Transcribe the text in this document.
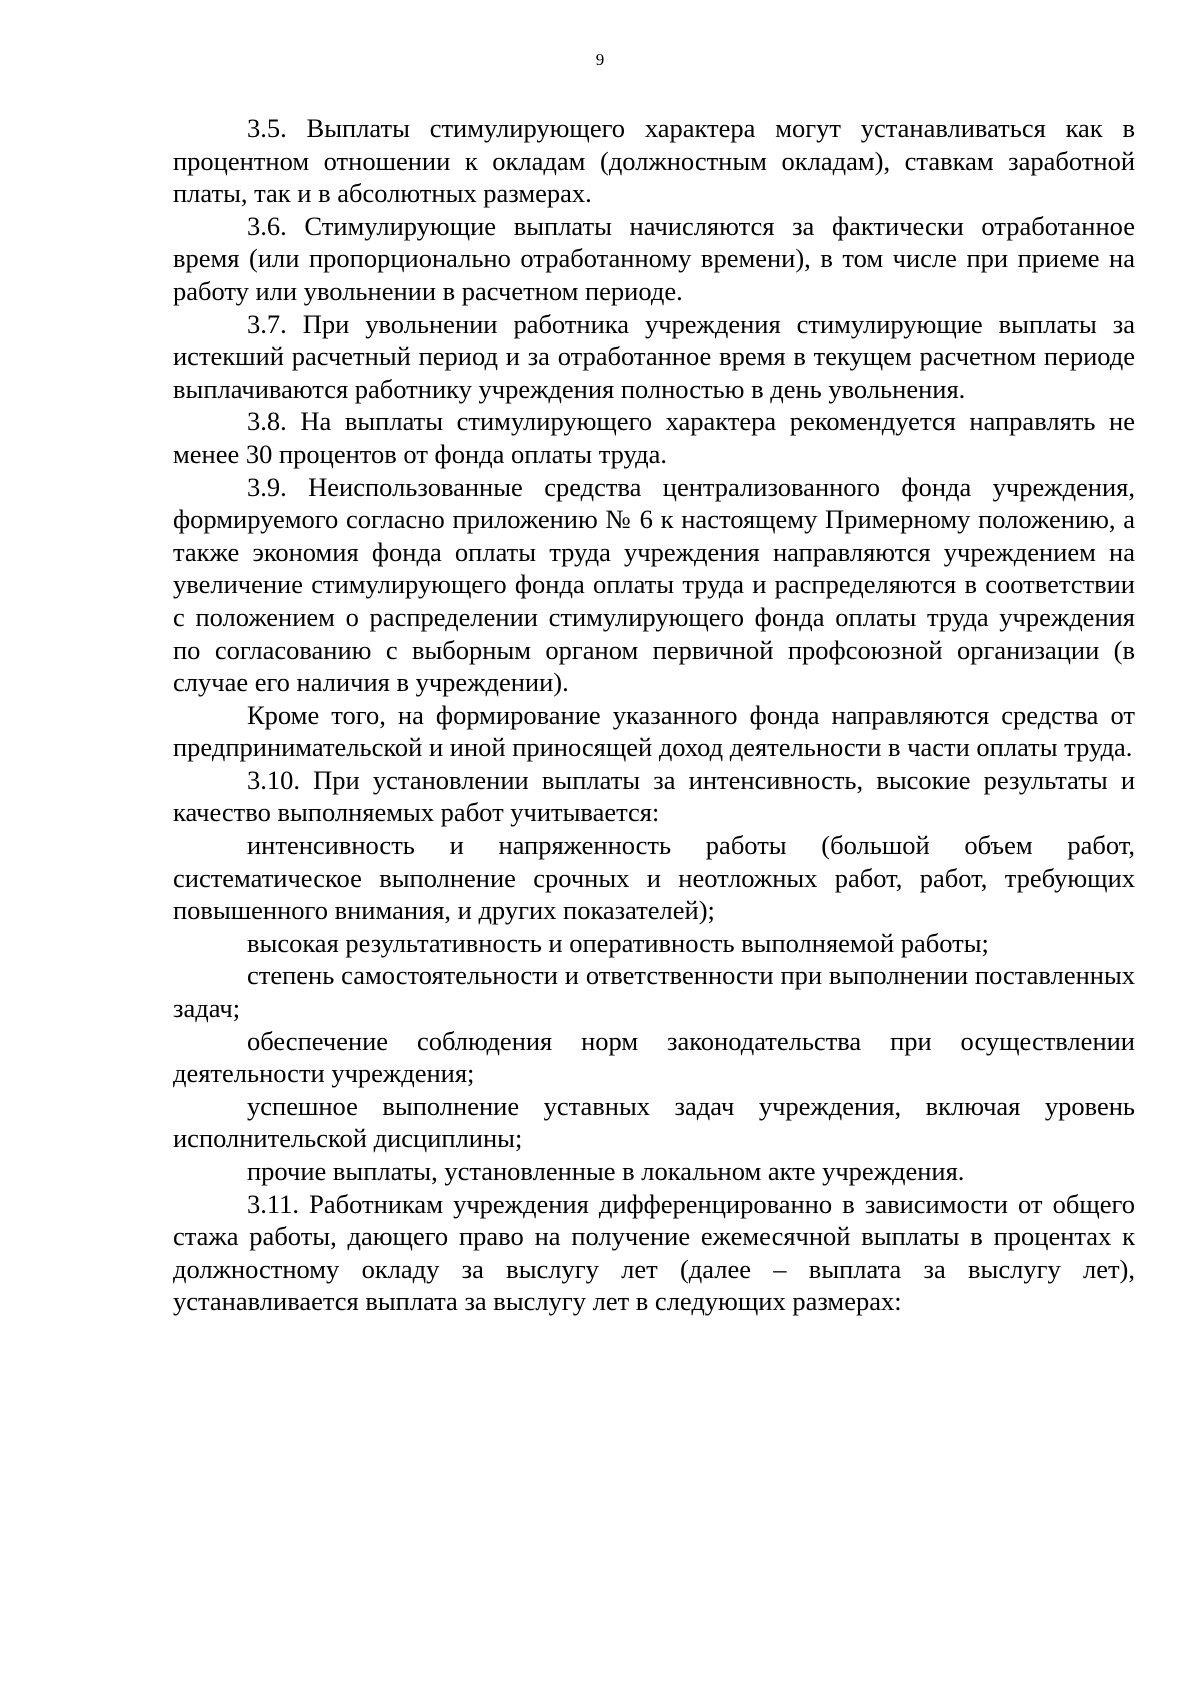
9

3.5. Выплаты стимулирующего характера могут устанавливаться как в процентном отношении к окладам (должностным окладам), ставкам заработной платы, так и в абсолютных размерах.

3.6. Стимулирующие выплаты начисляются за фактически отработанное время (или пропорционально отработанному времени), в том числе при приеме на работу или увольнении в расчетном периоде.

3.7. При увольнении работника учреждения стимулирующие выплаты за истекший расчетный период и за отработанное время в текущем расчетном периоде выплачиваются работнику учреждения полностью в день увольнения.

3.8. На выплаты стимулирующего характера рекомендуется направлять не менее 30 процентов от фонда оплаты труда.

3.9. Неиспользованные средства централизованного фонда учреждения, формируемого согласно приложению № 6 к настоящему Примерному положению, а также экономия фонда оплаты труда учреждения направляются учреждением на увеличение стимулирующего фонда оплаты труда и распределяются в соответствии с положением о распределении стимулирующего фонда оплаты труда учреждения по согласованию с выборным органом первичной профсоюзной организации (в случае его наличия в учреждении).

Кроме того, на формирование указанного фонда направляются средства от предпринимательской и иной приносящей доход деятельности в части оплаты труда.

3.10. При установлении выплаты за интенсивность, высокие результаты и качество выполняемых работ учитывается:

интенсивность и напряженность работы (большой объем работ, систематическое выполнение срочных и неотложных работ, работ, требующих повышенного внимания, и других показателей);

высокая результативность и оперативность выполняемой работы;

степень самостоятельности и ответственности при выполнении поставленных задач;

обеспечение соблюдения норм законодательства при осуществлении деятельности учреждения;

успешное выполнение уставных задач учреждения, включая уровень исполнительской дисциплины;

прочие выплаты, установленные в локальном акте учреждения.

3.11. Работникам учреждения дифференцированно в зависимости от общего стажа работы, дающего право на получение ежемесячной выплаты в процентах к должностному окладу за выслугу лет (далее – выплата за выслугу лет), устанавливается выплата за выслугу лет в следующих размерах:
